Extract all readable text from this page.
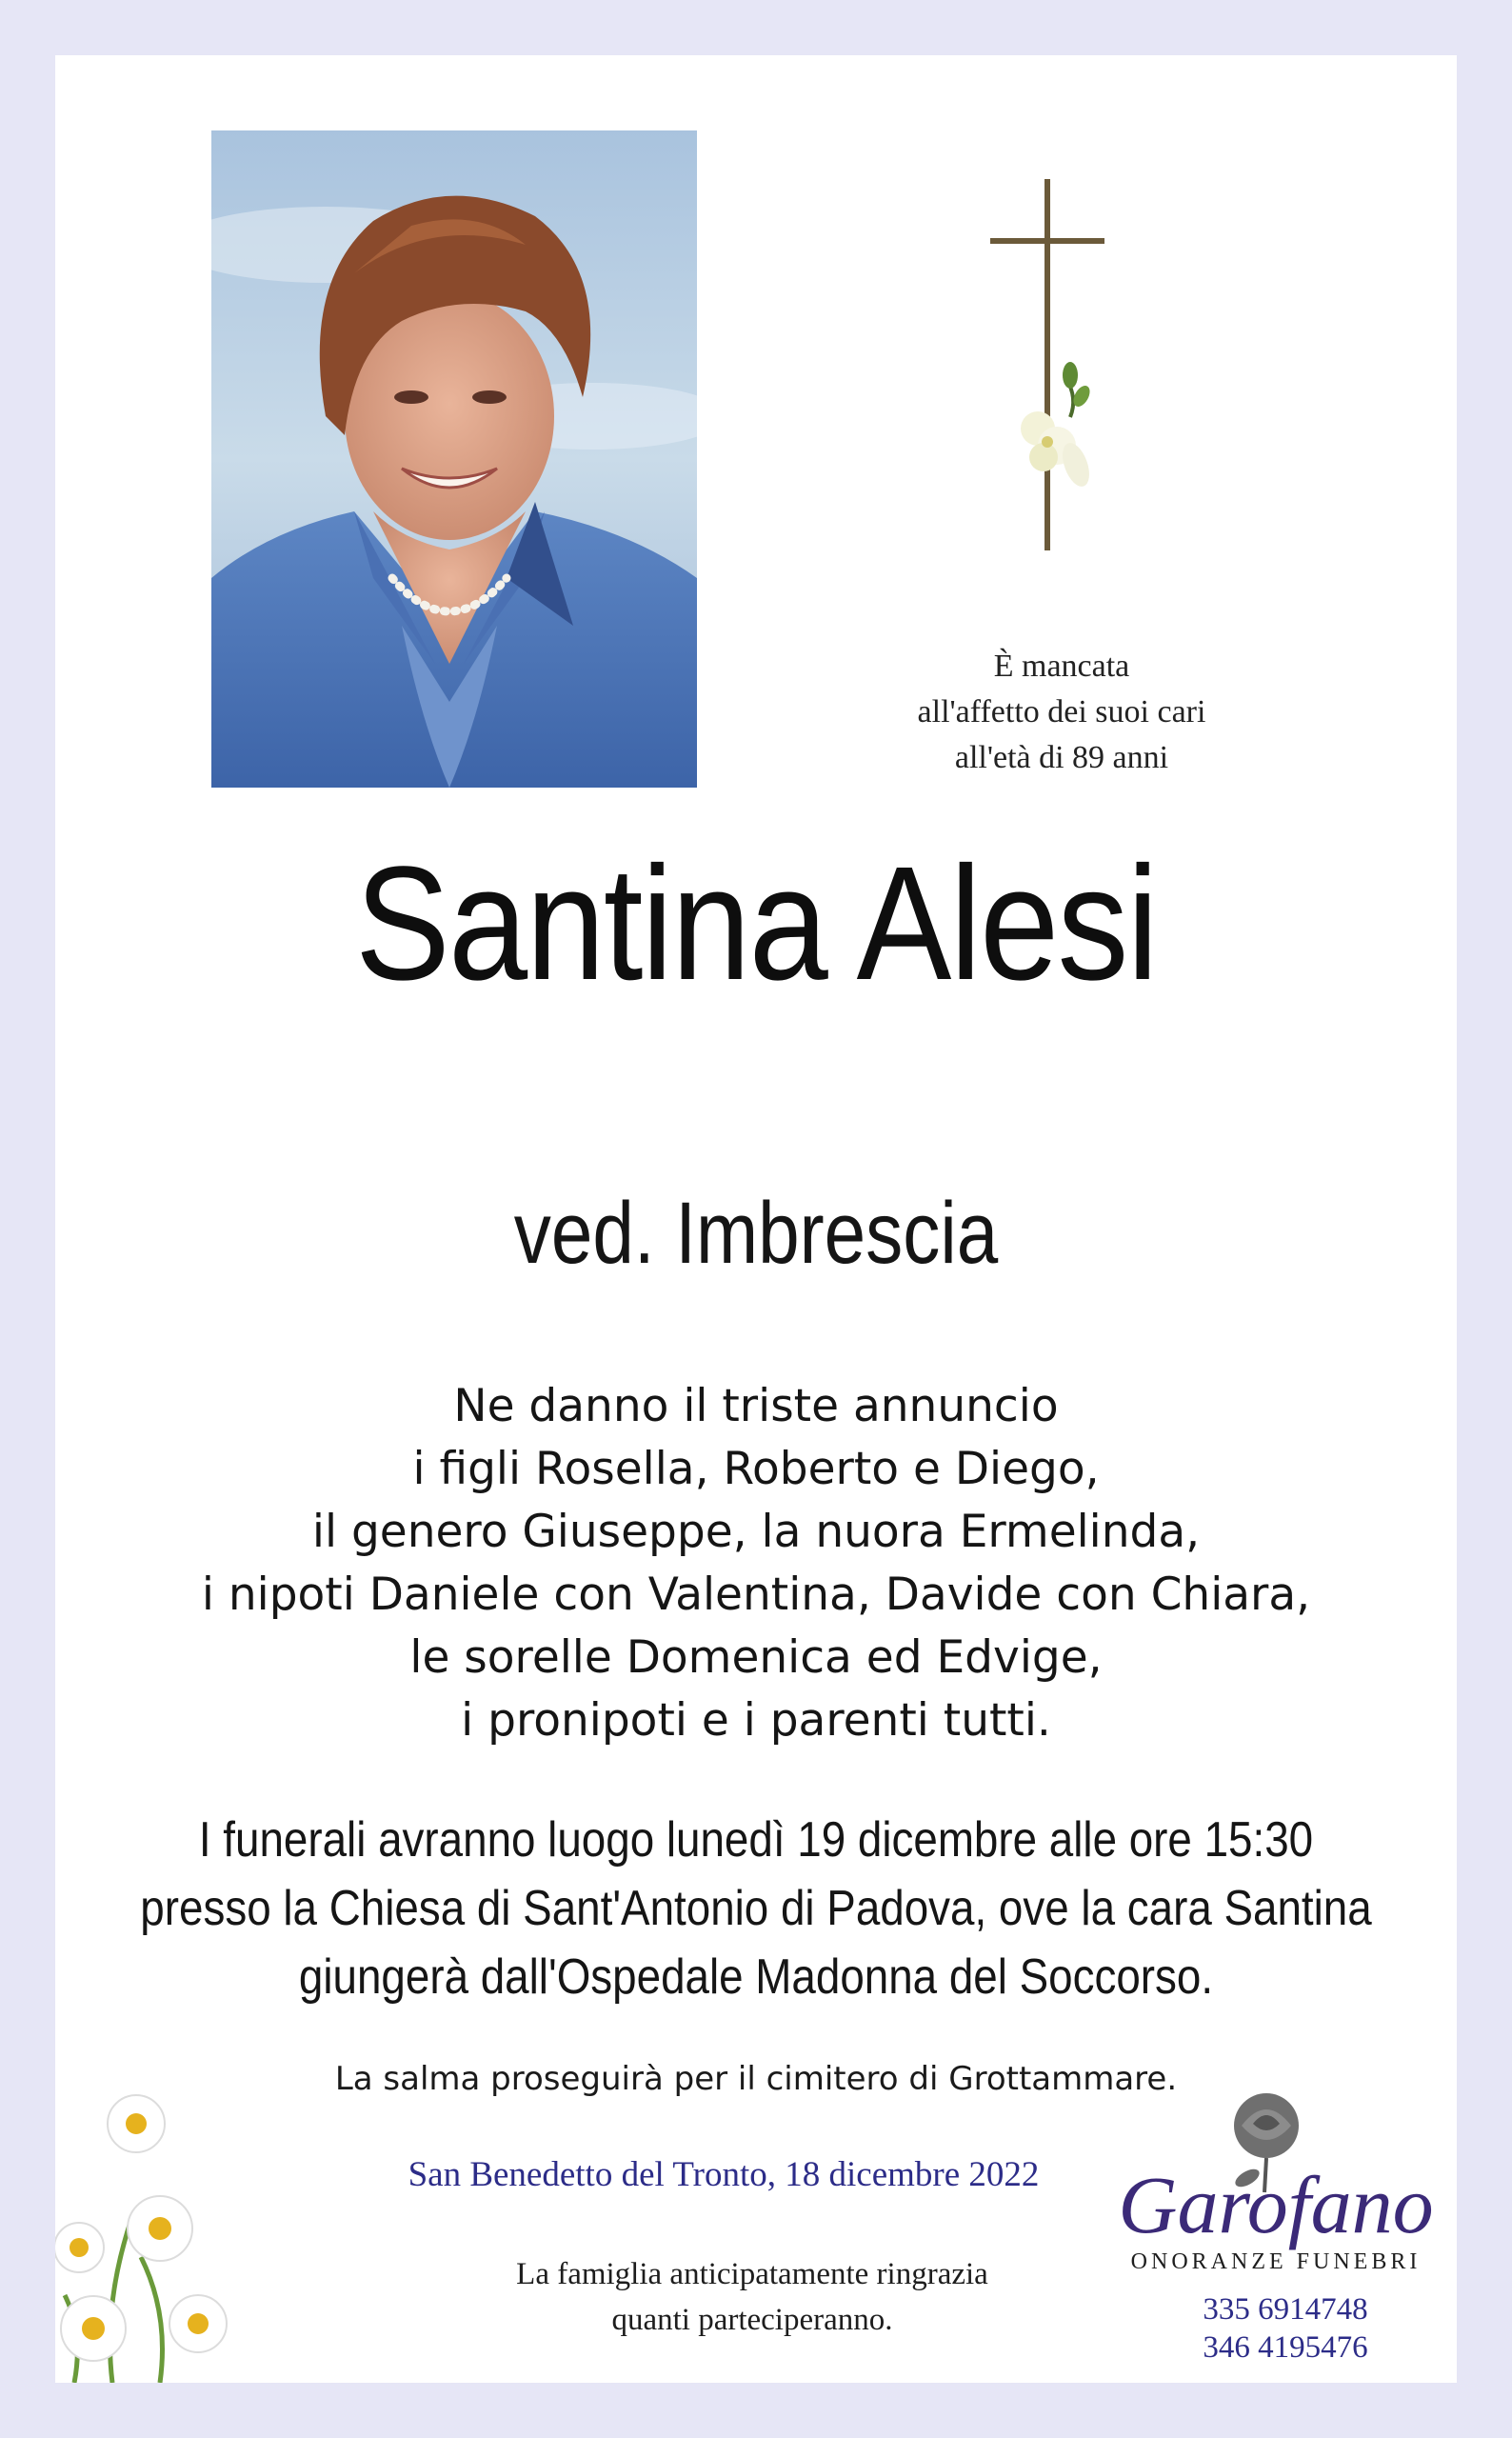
È mancata
all'affetto dei suoi cari
all'età di 89 anni
Santina Alesi
ved. Imbrescia
Ne danno il triste annuncio
i figli Rosella, Roberto e Diego,
il genero Giuseppe, la nuora Ermelinda,
i nipoti Daniele con Valentina, Davide con Chiara,
le sorelle Domenica ed Edvige,
i pronipoti e i parenti tutti.
I funerali avranno luogo lunedì 19 dicembre alle ore 15:30
presso la Chiesa di Sant'Antonio di Padova, ove la cara Santina
giungerà dall'Ospedale Madonna del Soccorso.
La salma proseguirà per il cimitero di Grottammare.
San Benedetto del Tronto, 18 dicembre 2022
La famiglia anticipatamente ringrazia
quanti parteciperanno.
Garofano
ONORANZE FUNEBRI
335 6914748
346 4195476
